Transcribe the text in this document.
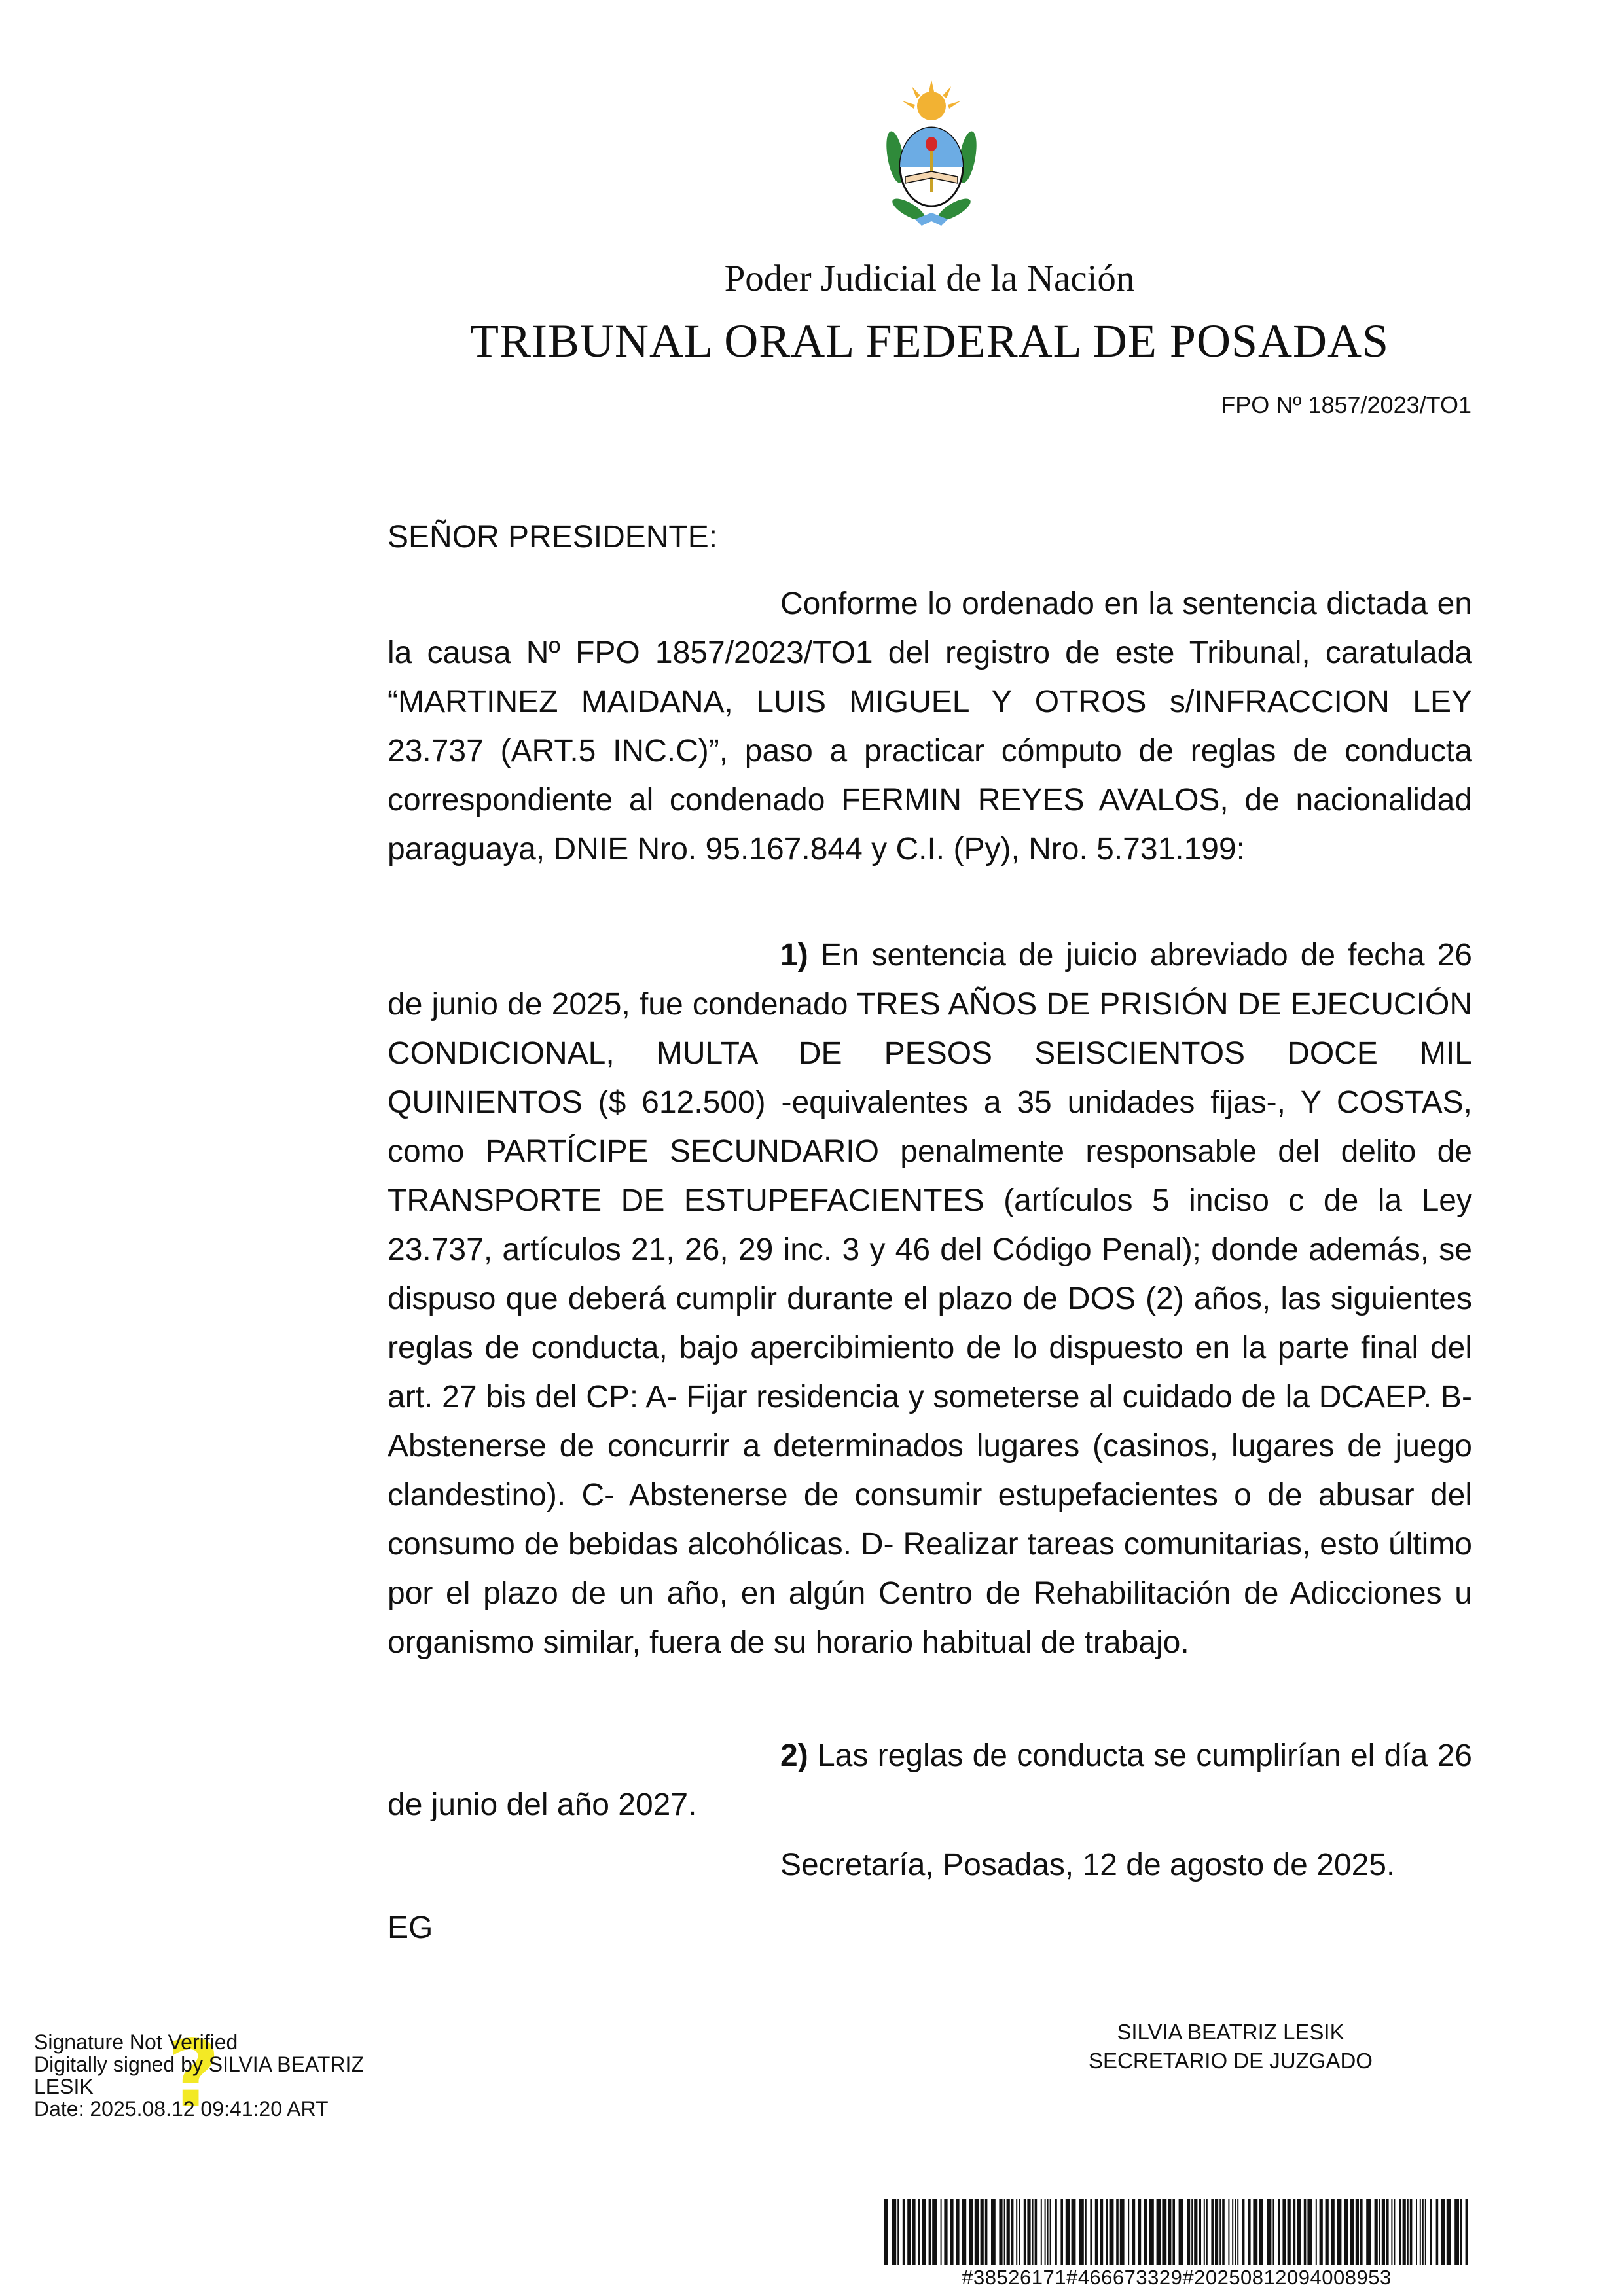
Poder Judicial de la Nación
TRIBUNAL ORAL FEDERAL DE POSADAS
FPO Nº 1857/2023/TO1
SEÑOR PRESIDENTE:

Conforme lo ordenado en la sentencia dictada en la causa Nº FPO 1857/2023/TO1 del registro de este Tribunal, caratulada “MARTINEZ MAIDANA, LUIS MIGUEL Y OTROS s/INFRACCION LEY 23.737 (ART.5 INC.C)”, paso a practicar cómputo de reglas de conducta correspondiente al condenado FERMIN REYES AVALOS, de nacionalidad paraguaya, DNIE Nro. 95.167.844 y C.I. (Py), Nro. 5.731.199:

1) En sentencia de juicio abreviado de fecha 26 de junio de 2025, fue condenado TRES AÑOS DE PRISIÓN DE EJECUCIÓN CONDICIONAL, MULTA DE PESOS SEISCIENTOS DOCE MIL QUINIENTOS ($ 612.500) -equivalentes a 35 unidades fijas-, Y COSTAS, como PARTÍCIPE SECUNDARIO penalmente responsable del delito de TRANSPORTE DE ESTUPEFACIENTES (artículos 5 inciso c de la Ley 23.737, artículos 21, 26, 29 inc. 3 y 46 del Código Penal); donde además, se dispuso que deberá cumplir durante el plazo de DOS (2) años, las siguientes reglas de conducta, bajo apercibimiento de lo dispuesto en la parte final del art. 27 bis del CP: A- Fijar residencia y someterse al cuidado de la DCAEP. B- Abstenerse de concurrir a determinados lugares (casinos, lugares de juego clandestino). C- Abstenerse de consumir estupefacientes o de abusar del consumo de bebidas alcohólicas. D- Realizar tareas comunitarias, esto último por el plazo de un año, en algún Centro de Rehabilitación de Adicciones u organismo similar, fuera de su horario habitual de trabajo.

2) Las reglas de conducta se cumplirían el día 26 de junio del año 2027.

Secretaría, Posadas, 12 de agosto de 2025.
EG
SILVIA BEATRIZ LESIK
SECRETARIO DE JUZGADO
?
Signature Not Verified
Digitally signed by SILVIA BEATRIZ
LESIK
Date: 2025.08.12 09:41:20 ART
#38526171#466673329#20250812094008953
